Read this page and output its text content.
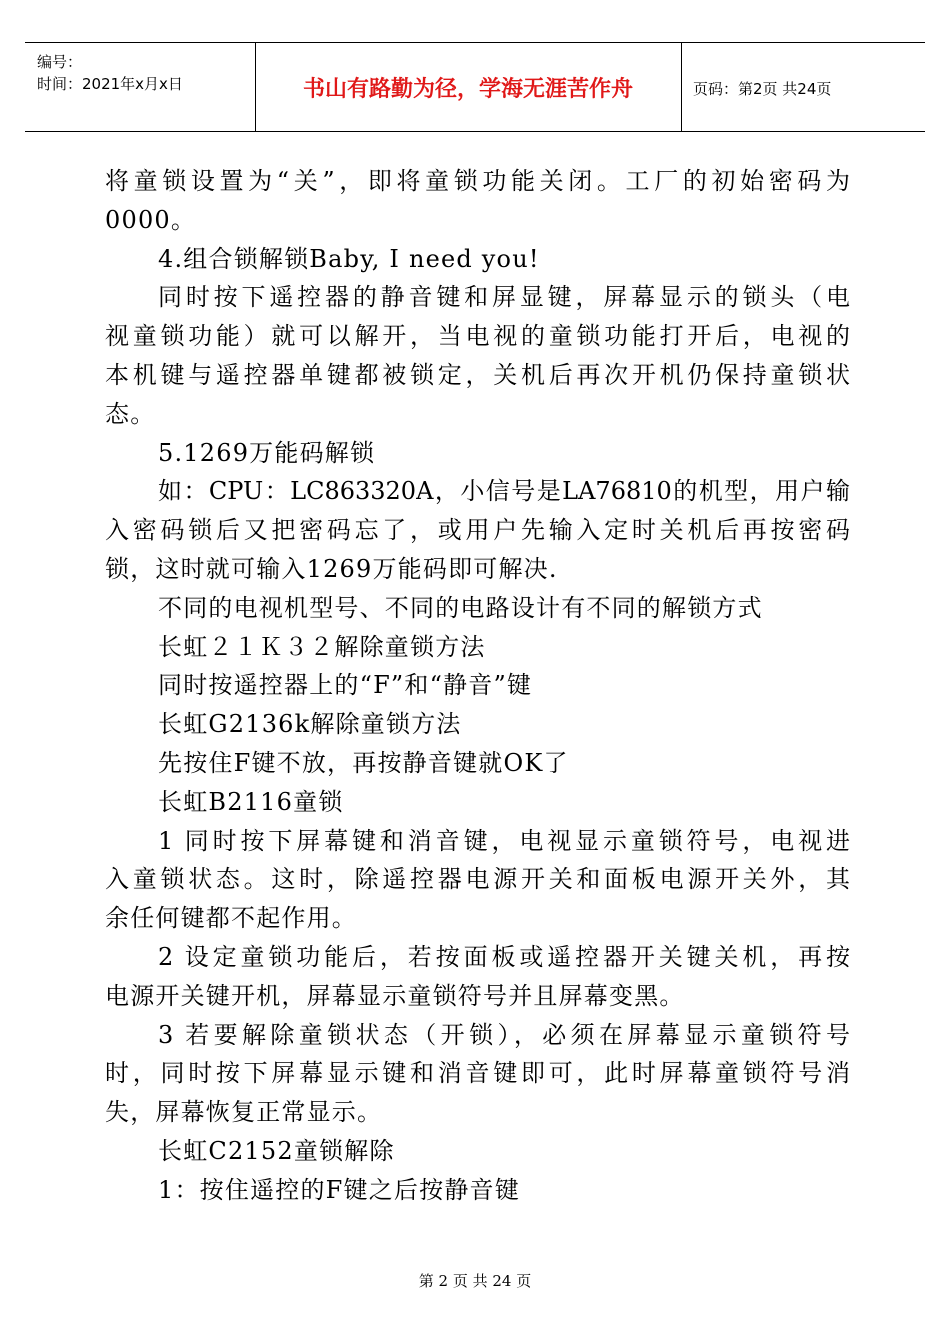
编号：
时间：2021年x月x日	书山有路勤为径，学海无涯苦作舟	页码：第2页 共24页
将童锁设置为“关”，即将童锁功能关闭。工厂的初始密码为
0000。
4.组合锁解锁Baby, I need you!
同时按下遥控器的静音键和屏显键，屏幕显示的锁头（电
视童锁功能）就可以解开，当电视的童锁功能打开后，电视的
本机键与遥控器单键都被锁定，关机后再次开机仍保持童锁状
态。
5.1269万能码解锁
如：CPU：LC863320A，小信号是LA76810的机型，用户输
入密码锁后又把密码忘了，或用户先输入定时关机后再按密码
锁，这时就可输入1269万能码即可解决.
不同的电视机型号、不同的电路设计有不同的解锁方式
长虹２１Ｋ３２解除童锁方法
同时按遥控器上的“F”和“静音”键
长虹G2136k解除童锁方法
先按住F键不放，再按静音键就OK了
长虹B2116童锁
1 同时按下屏幕键和消音键，电视显示童锁符号，电视进
入童锁状态。这时，除遥控器电源开关和面板电源开关外，其
余任何键都不起作用。
2 设定童锁功能后，若按面板或遥控器开关键关机，再按
电源开关键开机，屏幕显示童锁符号并且屏幕变黑。
3 若要解除童锁状态（开锁），必须在屏幕显示童锁符号
时，同时按下屏幕显示键和消音键即可，此时屏幕童锁符号消
失，屏幕恢复正常显示。
长虹C2152童锁解除
1：按住遥控的F键之后按静音键
第 2 页 共 24 页
